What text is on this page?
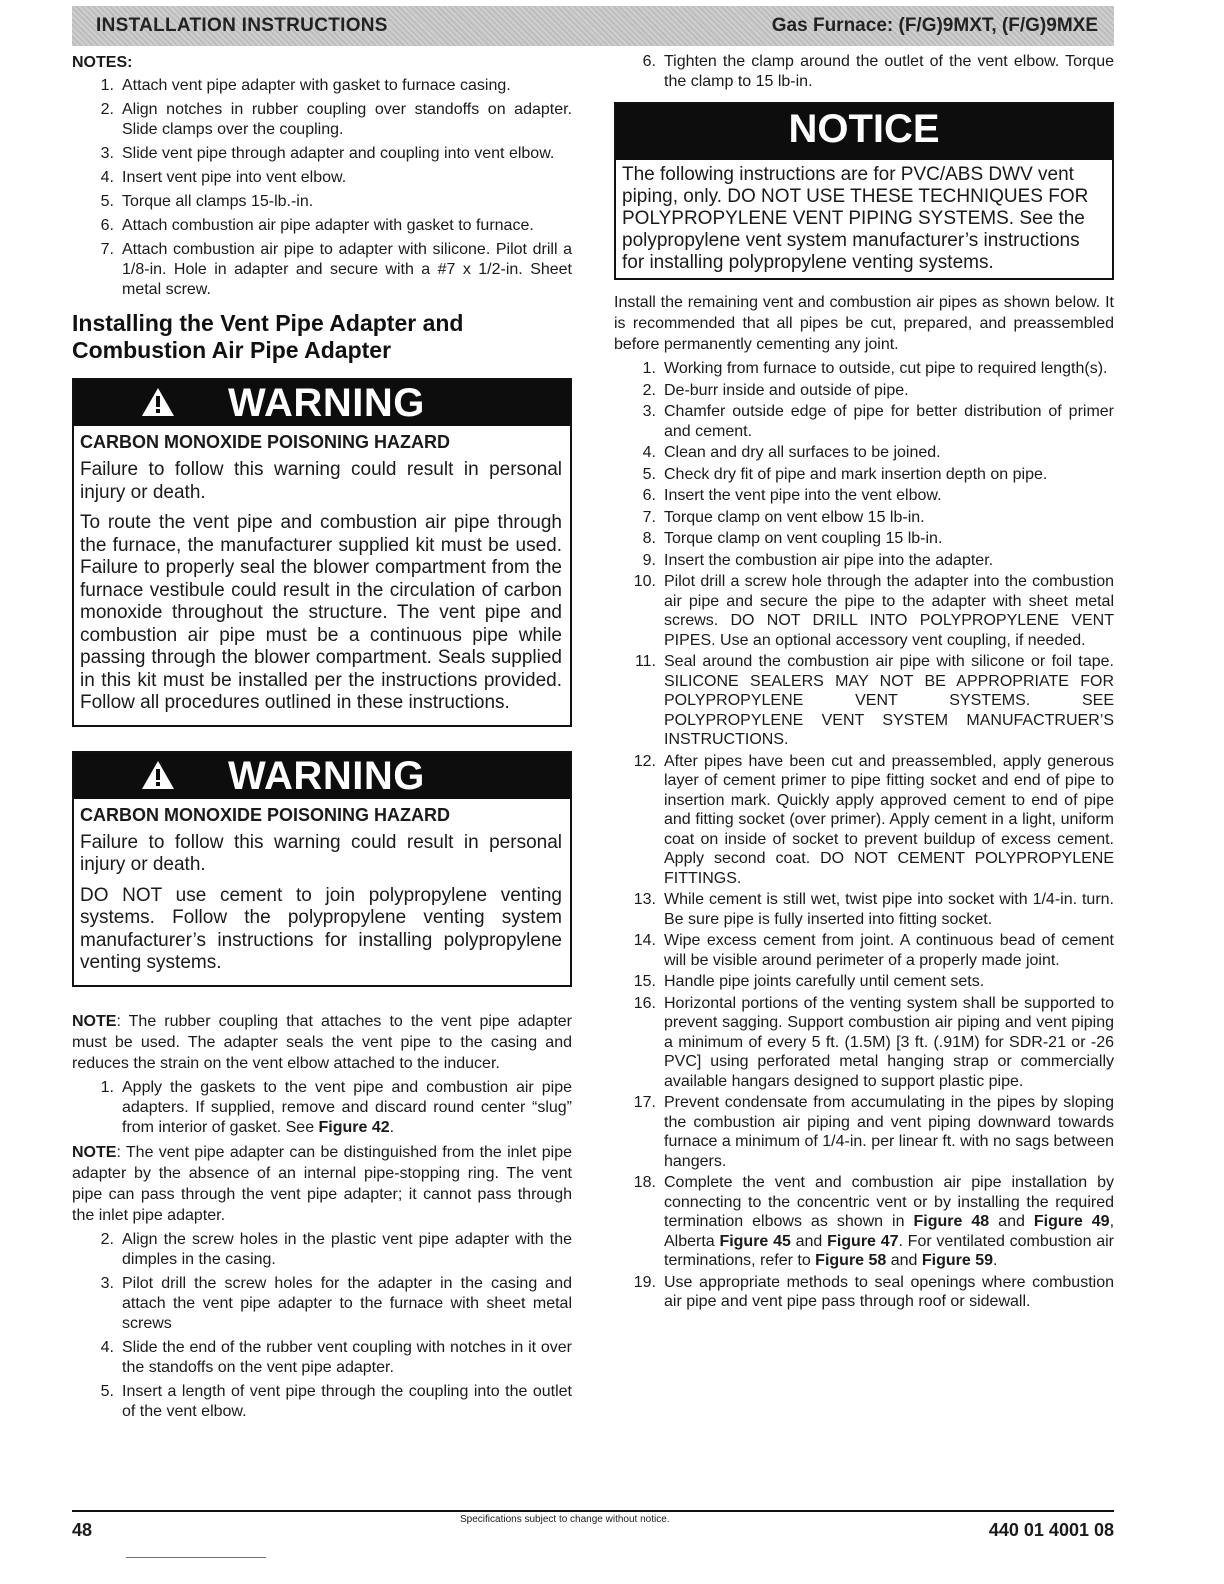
INSTALLATION INSTRUCTIONS	Gas Furnace: (F/G)9MXT, (F/G)9MXE

NOTES:

1. Attach vent pipe adapter with gasket to furnace casing.
2. Align notches in rubber coupling over standoffs on adapter. Slide clamps over the coupling.
3. Slide vent pipe through adapter and coupling into vent elbow.
4. Insert vent pipe into vent elbow.
5. Torque all clamps 15-lb.-in.
6. Attach combustion air pipe adapter with gasket to furnace.
7. Attach combustion air pipe to adapter with silicone. Pilot drill a 1/8-in. Hole in adapter and secure with a #7 x 1/2-in. Sheet metal screw.
Installing the Vent Pipe Adapter and Combustion Air Pipe Adapter
WARNING
CARBON MONOXIDE POISONING HAZARD

Failure to follow this warning could result in personal injury or death.

To route the vent pipe and combustion air pipe through the furnace, the manufacturer supplied kit must be used. Failure to properly seal the blower compartment from the furnace vestibule could result in the circulation of carbon monoxide throughout the structure. The vent pipe and combustion air pipe must be a continuous pipe while passing through the blower compartment. Seals supplied in this kit must be installed per the instructions provided. Follow all procedures outlined in these instructions.

WARNING
CARBON MONOXIDE POISONING HAZARD

Failure to follow this warning could result in personal injury or death.

DO NOT use cement to join polypropylene venting systems. Follow the polypropylene venting system manufacturer’s instructions for installing polypropylene venting systems.

NOTE: The rubber coupling that attaches to the vent pipe adapter must be used. The adapter seals the vent pipe to the casing and reduces the strain on the vent elbow attached to the inducer.

1. Apply the gaskets to the vent pipe and combustion air pipe adapters. If supplied, remove and discard round center “slug” from interior of gasket. See Figure 42.

NOTE: The vent pipe adapter can be distinguished from the inlet pipe adapter by the absence of an internal pipe-stopping ring. The vent pipe can pass through the vent pipe adapter; it cannot pass through the inlet pipe adapter.

2. Align the screw holes in the plastic vent pipe adapter with the dimples in the casing.
3. Pilot drill the screw holes for the adapter in the casing and attach the vent pipe adapter to the furnace with sheet metal screws
4. Slide the end of the rubber vent coupling with notches in it over the standoffs on the vent pipe adapter.
5. Insert a length of vent pipe through the coupling into the outlet of the vent elbow.
6. Tighten the clamp around the outlet of the vent elbow. Torque the clamp to 15 lb-in.
NOTICE
The following instructions are for PVC/ABS DWV vent piping, only. DO NOT USE THESE TECHNIQUES FOR POLYPROPYLENE VENT PIPING SYSTEMS. See the polypropylene vent system manufacturer’s instructions for installing polypropylene venting systems.

Install the remaining vent and combustion air pipes as shown below. It is recommended that all pipes be cut, prepared, and preassembled before permanently cementing any joint.

1. Working from furnace to outside, cut pipe to required length(s).
2. De-burr inside and outside of pipe.
3. Chamfer outside edge of pipe for better distribution of primer and cement.
4. Clean and dry all surfaces to be joined.
5. Check dry fit of pipe and mark insertion depth on pipe.
6. Insert the vent pipe into the vent elbow.
7. Torque clamp on vent elbow 15 lb-in.
8. Torque clamp on vent coupling 15 lb-in.
9. Insert the combustion air pipe into the adapter.
10. Pilot drill a screw hole through the adapter into the combustion air pipe and secure the pipe to the adapter with sheet metal screws. DO NOT DRILL INTO POLYPROPYLENE VENT PIPES. Use an optional accessory vent coupling, if needed.
11. Seal around the combustion air pipe with silicone or foil tape. SILICONE SEALERS MAY NOT BE APPROPRIATE FOR POLYPROPYLENE VENT SYSTEMS. SEE POLYPROPYLENE VENT SYSTEM MANUFACTRUER’S INSTRUCTIONS.
12. After pipes have been cut and preassembled, apply generous layer of cement primer to pipe fitting socket and end of pipe to insertion mark. Quickly apply approved cement to end of pipe and fitting socket (over primer). Apply cement in a light, uniform coat on inside of socket to prevent buildup of excess cement. Apply second coat. DO NOT CEMENT POLYPROPYLENE FITTINGS.
13. While cement is still wet, twist pipe into socket with 1/4-in. turn. Be sure pipe is fully inserted into fitting socket.
14. Wipe excess cement from joint. A continuous bead of cement will be visible around perimeter of a properly made joint.
15. Handle pipe joints carefully until cement sets.
16. Horizontal portions of the venting system shall be supported to prevent sagging. Support combustion air piping and vent piping a minimum of every 5 ft. (1.5M) [3 ft. (.91M) for SDR-21 or -26 PVC] using perforated metal hanging strap or commercially available hangars designed to support plastic pipe.
17. Prevent condensate from accumulating in the pipes by sloping the combustion air piping and vent piping downward towards furnace a minimum of 1/4-in. per linear ft. with no sags between hangers.
18. Complete the vent and combustion air pipe installation by connecting to the concentric vent or by installing the required termination elbows as shown in Figure 48 and Figure 49, Alberta Figure 45 and Figure 47. For ventilated combustion air terminations, refer to Figure 58 and Figure 59.
19. Use appropriate methods to seal openings where combustion air pipe and vent pipe pass through roof or sidewall.
48
Specifications subject to change without notice.
440 01 4001 08
